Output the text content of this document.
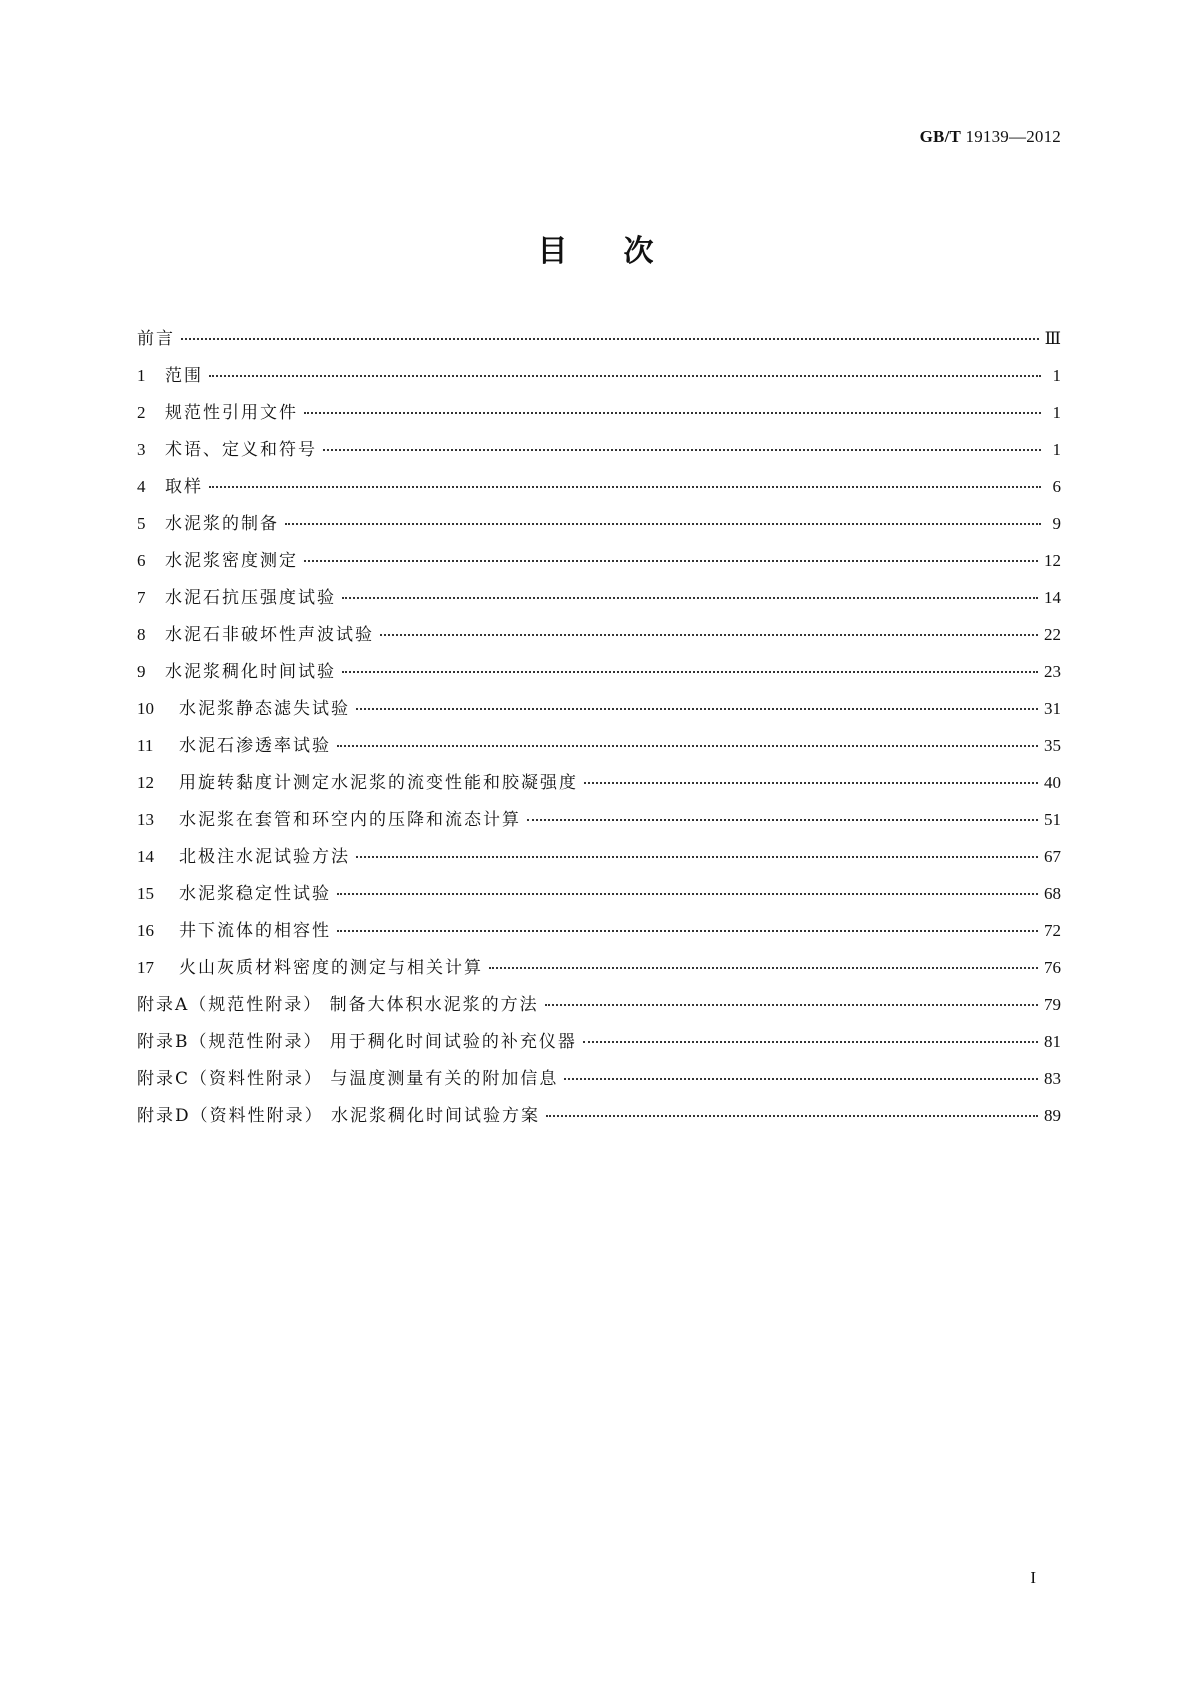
GB/T 19139—2012
目次
前言	Ⅲ
1 范围	1
2 规范性引用文件	1
3 术语、定义和符号	1
4 取样	6
5 水泥浆的制备	9
6 水泥浆密度测定	12
7 水泥石抗压强度试验	14
8 水泥石非破坏性声波试验	22
9 水泥浆稠化时间试验	23
10 水泥浆静态滤失试验	31
11 水泥石渗透率试验	35
12 用旋转黏度计测定水泥浆的流变性能和胶凝强度	40
13 水泥浆在套管和环空内的压降和流态计算	51
14 北极注水泥试验方法	67
15 水泥浆稳定性试验	68
16 井下流体的相容性	72
17 火山灰质材料密度的测定与相关计算	76
附录A（规范性附录） 制备大体积水泥浆的方法	79
附录B（规范性附录） 用于稠化时间试验的补充仪器	81
附录C（资料性附录） 与温度测量有关的附加信息	83
附录D（资料性附录） 水泥浆稠化时间试验方案	89
I
